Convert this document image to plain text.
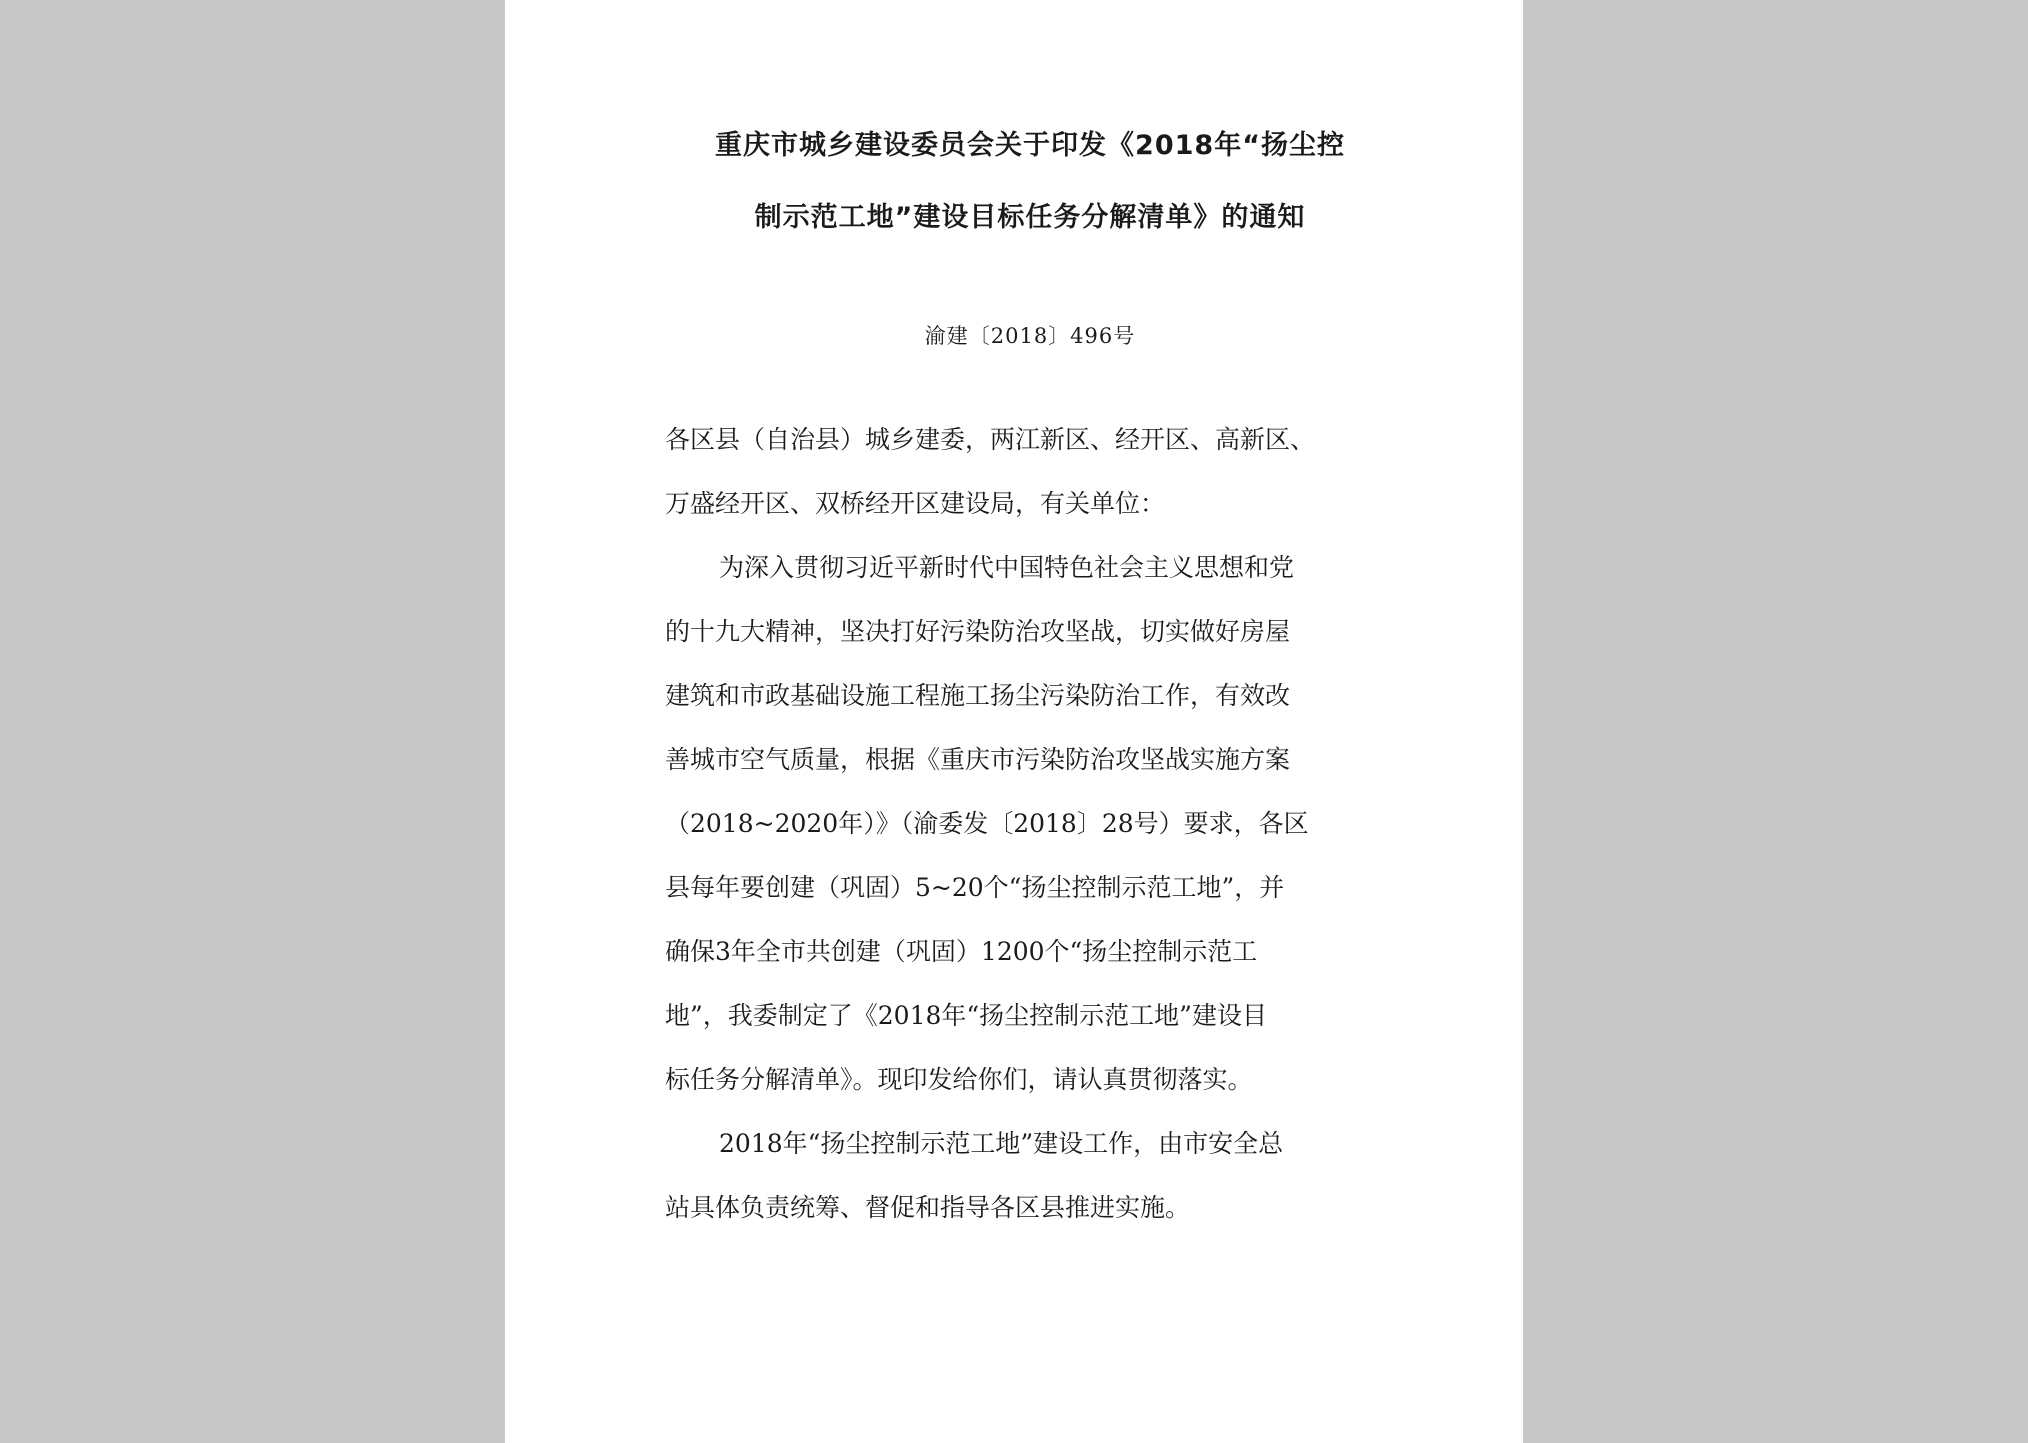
重庆市城乡建设委员会关于印发《2018年“扬尘控
制示范工地”建设目标任务分解清单》的通知
渝建〔2018〕496号

各区县（自治县）城乡建委，两江新区、经开区、高新区、
万盛经开区、双桥经开区建设局，有关单位：

为深入贯彻习近平新时代中国特色社会主义思想和党
的十九大精神，坚决打好污染防治攻坚战，切实做好房屋
建筑和市政基础设施工程施工扬尘污染防治工作，有效改
善城市空气质量，根据《重庆市污染防治攻坚战实施方案
（2018~2020年）》（渝委发〔2018〕28号）要求，各区
县每年要创建（巩固）5~20个“扬尘控制示范工地”，并
确保3年全市共创建（巩固）1200个“扬尘控制示范工
地”，我委制定了《2018年“扬尘控制示范工地”建设目
标任务分解清单》。现印发给你们，请认真贯彻落实。

2018年“扬尘控制示范工地”建设工作，由市安全总
站具体负责统筹、督促和指导各区县推进实施。
